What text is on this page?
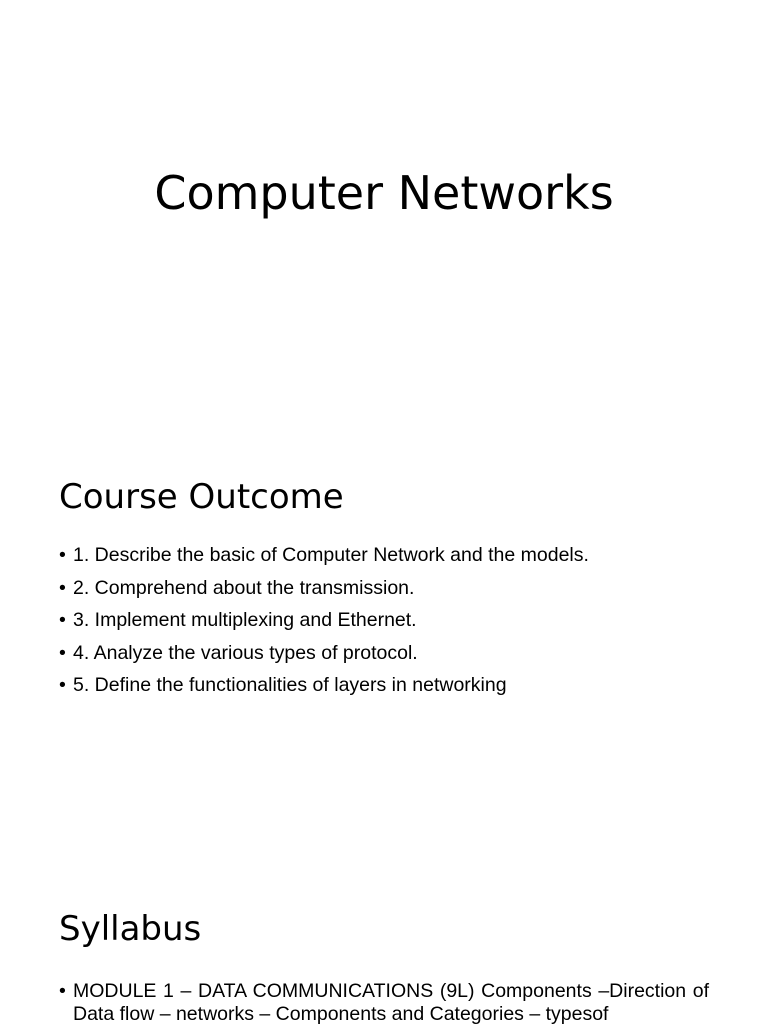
Computer Networks
Course Outcome
• 1. Describe the basic of Computer Network and the models.
• 2. Comprehend about the transmission.
• 3. Implement multiplexing and Ethernet.
• 4. Analyze the various types of protocol.
• 5. Define the functionalities of layers in networking
Syllabus
• MODULE 1 – DATA COMMUNICATIONS (9L) Components –Direction of Data flow – networks – Components and Categories – typesof
